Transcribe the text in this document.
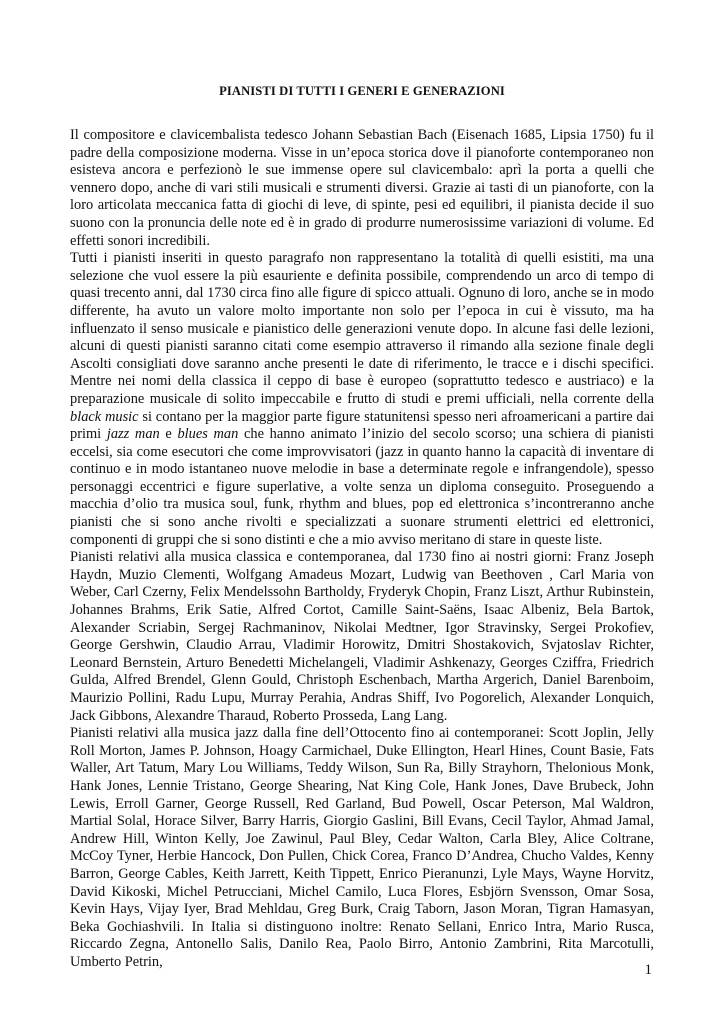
PIANISTI DI TUTTI I GENERI E GENERAZIONI

Il compositore e clavicembalista tedesco Johann Sebastian Bach (Eisenach 1685, Lipsia 1750) fu il padre della composizione moderna. Visse in un’epoca storica dove il pianoforte contemporaneo non esisteva ancora e perfezionò le sue immense opere sul clavicembalo: aprì la porta a quelli che vennero dopo, anche di vari stili musicali e strumenti diversi. Grazie ai tasti di un pianoforte, con la loro articolata meccanica fatta di giochi di leve, di spinte, pesi ed equilibri, il pianista decide il suo suono con la pronuncia delle note ed è in grado di produrre numerosissime variazioni di volume. Ed effetti sonori incredibili.

Tutti i pianisti inseriti in questo paragrafo non rappresentano la totalità di quelli esistiti, ma una selezione che vuol essere la più esauriente e definita possibile, comprendendo un arco di tempo di quasi trecento anni, dal 1730 circa fino alle figure di spicco attuali. Ognuno di loro, anche se in modo differente, ha avuto un valore molto importante non solo per l’epoca in cui è vissuto, ma ha influenzato il senso musicale e pianistico delle generazioni venute dopo. In alcune fasi delle lezioni, alcuni di questi pianisti saranno citati come esempio attraverso il rimando alla sezione finale degli Ascolti consigliati dove saranno anche presenti le date di riferimento, le tracce e i dischi specifici. Mentre nei nomi della classica il ceppo di base è europeo (soprattutto tedesco e austriaco) e la preparazione musicale di solito impeccabile e frutto di studi e premi ufficiali, nella corrente della black music si contano per la maggior parte figure statunitensi spesso neri afroamericani a partire dai primi jazz man e blues man che hanno animato l’inizio del secolo scorso; una schiera di pianisti eccelsi, sia come esecutori che come improvvisatori (jazz in quanto hanno la capacità di inventare di continuo e in modo istantaneo nuove melodie in base a determinate regole e infrangendole), spesso personaggi eccentrici e figure superlative, a volte senza un diploma conseguito. Proseguendo a macchia d’olio tra musica soul, funk, rhythm and blues, pop ed elettronica s’incontreranno anche pianisti che si sono anche rivolti e specializzati a suonare strumenti elettrici ed elettronici, componenti di gruppi che si sono distinti e che a mio avviso meritano di stare in queste liste.

Pianisti relativi alla musica classica e contemporanea, dal 1730 fino ai nostri giorni: Franz Joseph Haydn, Muzio Clementi, Wolfgang Amadeus Mozart, Ludwig van Beethoven , Carl Maria von Weber, Carl Czerny, Felix Mendelssohn Bartholdy, Fryderyk Chopin, Franz Liszt, Arthur Rubinstein, Johannes Brahms, Erik Satie, Alfred Cortot, Camille Saint-Saëns, Isaac Albeniz, Bela Bartok, Alexander Scriabin, Sergej Rachmaninov, Nikolai Medtner, Igor Stravinsky, Sergei Prokofiev, George Gershwin, Claudio Arrau, Vladimir Horowitz, Dmitri Shostakovich, Svjatoslav Richter, Leonard Bernstein, Arturo Benedetti Michelangeli, Vladimir Ashkenazy, Georges Cziffra, Friedrich Gulda, Alfred Brendel, Glenn Gould, Christoph Eschenbach, Martha Argerich, Daniel Barenboim, Maurizio Pollini, Radu Lupu, Murray Perahia, Andras Shiff, Ivo Pogorelich, Alexander Lonquich, Jack Gibbons, Alexandre Tharaud, Roberto Prosseda, Lang Lang.

Pianisti relativi alla musica jazz dalla fine dell’Ottocento fino ai contemporanei: Scott Joplin, Jelly Roll Morton, James P. Johnson, Hoagy Carmichael, Duke Ellington, Hearl Hines, Count Basie, Fats Waller, Art Tatum, Mary Lou Williams, Teddy Wilson, Sun Ra, Billy Strayhorn, Thelonious Monk, Hank Jones, Lennie Tristano, George Shearing, Nat King Cole, Hank Jones, Dave Brubeck, John Lewis, Erroll Garner, George Russell, Red Garland, Bud Powell, Oscar Peterson, Mal Waldron, Martial Solal, Horace Silver, Barry Harris, Giorgio Gaslini, Bill Evans, Cecil Taylor, Ahmad Jamal, Andrew Hill, Winton Kelly, Joe Zawinul, Paul Bley, Cedar Walton, Carla Bley, Alice Coltrane, McCoy Tyner, Herbie Hancock, Don Pullen, Chick Corea, Franco D’Andrea, Chucho Valdes, Kenny Barron, George Cables, Keith Jarrett, Keith Tippett, Enrico Pieranunzi, Lyle Mays, Wayne Horvitz, David Kikoski, Michel Petrucciani, Michel Camilo, Luca Flores, Esbjörn Svensson, Omar Sosa, Kevin Hays, Vijay Iyer, Brad Mehldau, Greg Burk, Craig Taborn, Jason Moran, Tigran Hamasyan, Beka Gochiashvili. In Italia si distinguono inoltre: Renato Sellani, Enrico Intra, Mario Rusca, Riccardo Zegna, Antonello Salis, Danilo Rea, Paolo Birro, Antonio Zambrini, Rita Marcotulli, Umberto Petrin,

1
